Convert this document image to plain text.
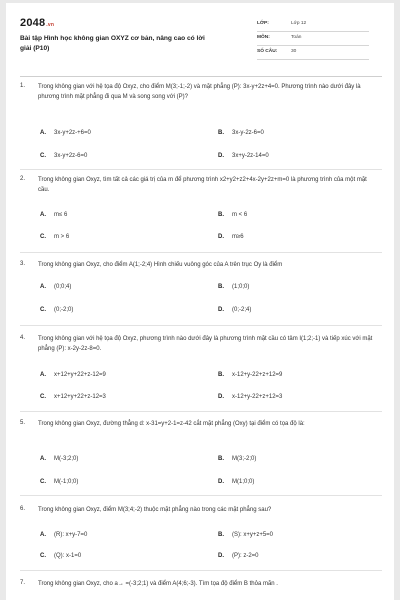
2048.vn
Bài tập Hình học không gian OXYZ cơ bản, nâng cao có lời giải (P10)
LỚP:	Lớp 12
MÔN:	Toán
SỐ CÂU:	30
1. Trong không gian với hệ tọa độ Oxyz, cho điểm M(3;-1;-2) và mặt phẳng (P): 3x-y+2z+4=0. Phương trình nào dưới đây là phương trình mặt phẳng đi qua M và song song với (P)?
A. 3x-y+2z-+6=0	B. 3x-y-2z-6=0
C. 3x-y+2z-6=0	D. 3x+y-2z-14=0
2. Trong không gian Oxyz, tìm tất cả các giá trị của m để phương trình x2+y2+z2+4x-2y+2z+m=0 là phương trình của một mặt cầu.
A. m≤ 6	B. m < 6
C. m > 6	D. m≥6
3. Trong không gian Oxyz, cho điểm A(1;-2;4) Hình chiếu vuông góc của A trên trục Oy là điểm
A. (0;0;4)	B. (1;0;0)
C. (0;-2;0)	D. (0;-2;4)
4. Trong không gian với hệ tọa độ Oxyz, phương trình nào dưới đây là phương trình mặt cầu có tâm I(1;2;-1) và tiếp xúc với mặt phẳng (P): x-2y-2z-8=0.
A. x+12+y+22+z-12=9	B. x-12+y-22+z+12=9
C. x+12+y+22+z-12=3	D. x-12+y-22+z+12=3
5. Trong không gian Oxyz, đường thẳng d: x-31=y+2-1=z-42 cắt mặt phẳng (Oxy) tại điểm có tọa độ là:
A. M(-3;2;0)	B. M(3;-2;0)
C. M(-1;0;0)	D. M(1;0;0)
6. Trong không gian Oxyz, điểm M(3;4;-2) thuộc mặt phẳng nào trong các mặt phẳng sau?
A. (R): x+y-7=0	B. (S): x+y+z+5=0
C. (Q): x-1=0	D. (P): z-2=0
7. Trong không gian Oxyz, cho a→ =(-3;2;1) và điểm A(4;6;-3). Tìm tọa độ điểm B thỏa mãn .
